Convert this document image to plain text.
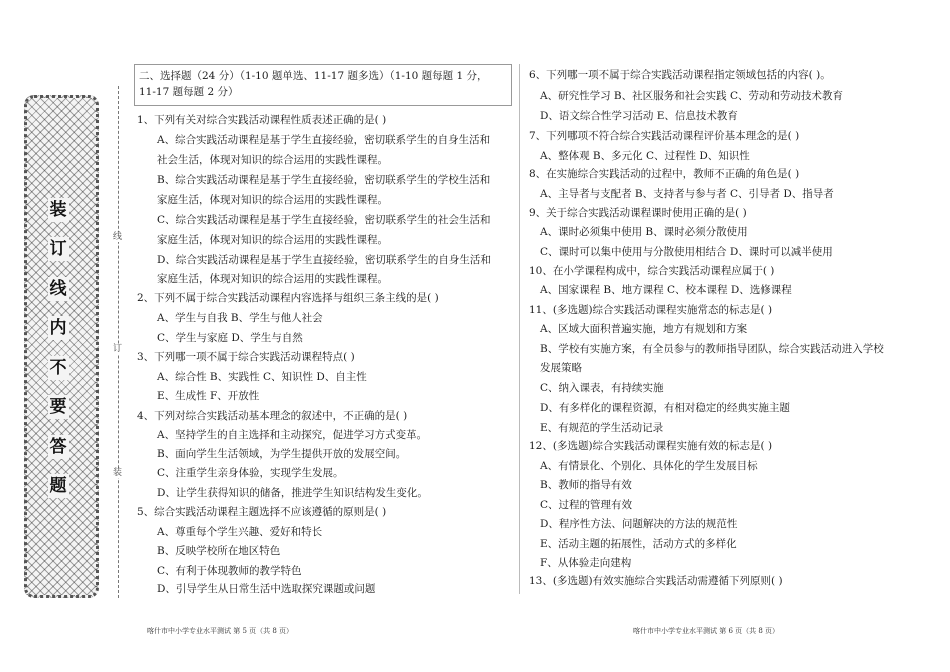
装
订
线
内
不
要
答
题
线
订
装
二、选择题（24 分）（1-10 题单选、11-17 题多选）（1-10 题每题 1 分，
11-17 题每题 2 分）
1、下列有关对综合实践活动课程性质表述正确的是( )
A、综合实践活动课程是基于学生直接经验，密切联系学生的自身生活和
社会生活，体现对知识的综合运用的实践性课程。
B、综合实践活动课程是基于学生直接经验，密切联系学生的学校生活和
家庭生活，体现对知识的综合运用的实践性课程。
C、综合实践活动课程是基于学生直接经验，密切联系学生的社会生活和
家庭生活，体现对知识的综合运用的实践性课程。
D、综合实践活动课程是基于学生直接经验，密切联系学生的自身生活和
家庭生活，体现对知识的综合运用的实践性课程。
2、下列不属于综合实践活动课程内容选择与组织三条主线的是( )
A、学生与自我 B、学生与他人社会
C、学生与家庭 D、学生与自然
3、下列哪一项不属于综合实践活动课程特点( )
A、综合性 B、实践性 C、知识性 D、自主性
E、生成性 F、开放性
4、下列对综合实践活动基本理念的叙述中，不正确的是( )
A、坚持学生的自主选择和主动探究，促进学习方式变革。
B、面向学生生活领域，为学生提供开放的发展空间。
C、注重学生亲身体验，实现学生发展。
D、让学生获得知识的储备，推进学生知识结构发生变化。
5、综合实践活动课程主题选择不应该遵循的原则是( )
A、尊重每个学生兴趣、爱好和特长
B、反映学校所在地区特色
C、有利于体现教师的教学特色
D、引导学生从日常生活中选取探究课题或问题
6、下列哪一项不属于综合实践活动课程指定领域包括的内容( )。
A、研究性学习 B、社区服务和社会实践 C、劳动和劳动技术教育
D、语文综合性学习活动 E、信息技术教育
7、下列哪项不符合综合实践活动课程评价基本理念的是( )
A、整体观 B、多元化 C、过程性 D、知识性
8、在实施综合实践活动的过程中，教师不正确的角色是( )
A、主导者与支配者 B、支持者与参与者 C、引导者 D、指导者
9、关于综合实践活动课程课时使用正确的是( )
A、课时必须集中使用 B、课时必须分散使用
C、课时可以集中使用与分散使用相结合 D、课时可以减半使用
10、在小学课程构成中，综合实践活动课程应属于( )
A、国家课程 B、地方课程 C、校本课程 D、选修课程
11、(多选题)综合实践活动课程实施常态的标志是( )
A、区域大面积普遍实施，地方有规划和方案
B、学校有实施方案，有全员参与的教师指导团队，综合实践活动进入学校
发展策略
C、纳入课表，有持续实施
D、有多样化的课程资源，有相对稳定的经典实施主题
E、有规范的学生活动记录
12、(多选题)综合实践活动课程实施有效的标志是( )
A、有情景化、个别化、具体化的学生发展目标
B、教师的指导有效
C、过程的管理有效
D、程序性方法、问题解决的方法的规范性
E、活动主题的拓展性，活动方式的多样化
F、从体验走向建构
13、(多选题)有效实施综合实践活动需遵循下列原则( )
喀什市中小学专业水平测试 第 5 页（共 8 页）	喀什市中小学专业水平测试 第 6 页（共 8 页）
